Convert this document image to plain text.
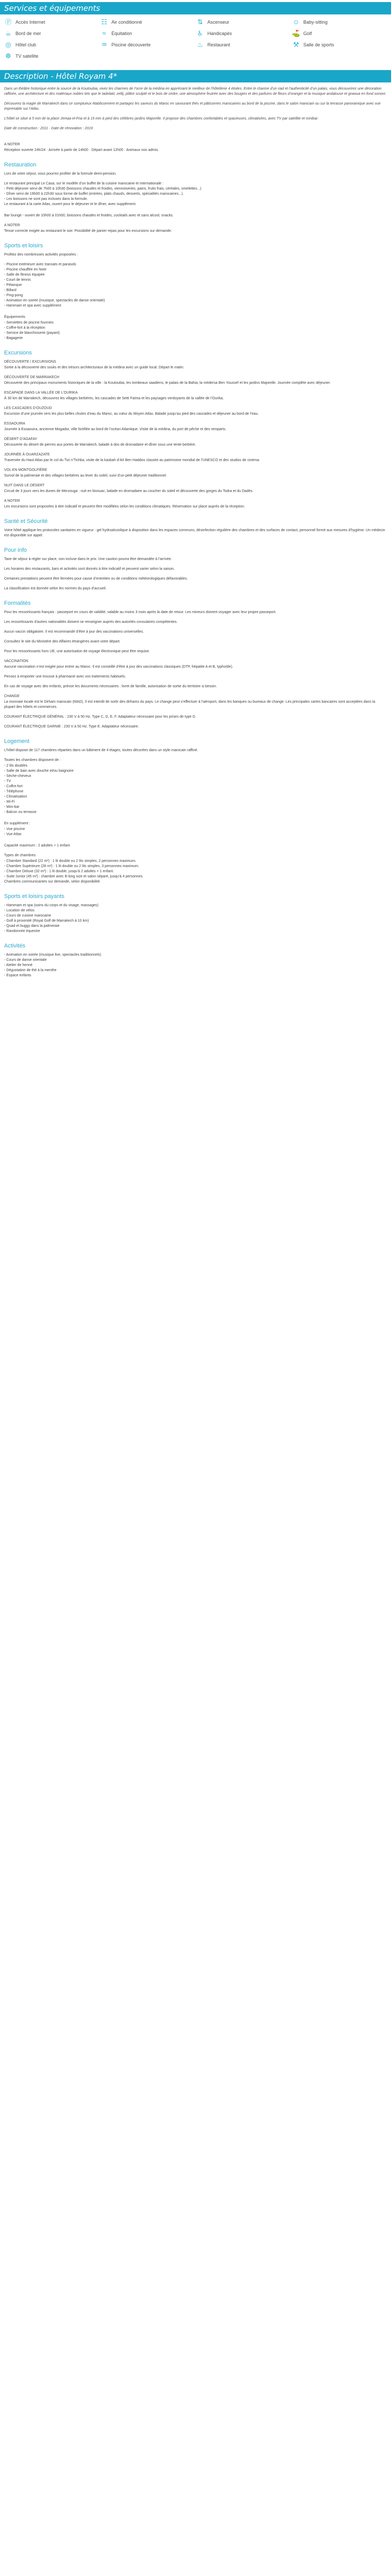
Services et équipements
Ⓟ Accès Internet	☷ Air conditionné	⇅ Ascenseur	☺ Baby-sitting
☕ Bord de mer	≈	Équitation	♿ Handicapés	⛳ Golf
◎ Hôtel club	♒ Piscine découverte	♨ Restaurant	⚒ Salle de sports
❆ TV satellite
Description - Hôtel Royam 4*

Dans un théâtre historique entre la source de la Koutoubia, vivez les charmes de l’ocre de la médina en appréciant le meilleur de l’hôtellerie 4 étoiles. Entre le charme d’un riad et l’authenticité d’un palais, vous découvrirez une décoration raffinée, une architecture et des matériaux nobles tels que le tadelakt, zellij, plâtre sculpté et le bois de cèdre, une atmosphère feutrée avec des bougies et des parfums de fleurs d’oranger et la musique andalouse et gnaoua en fond sonore.

Découvrez la magie de Marrakech dans ce somptueux établissement et partagez les saveurs du Maroc en savourant thés et pâtisseries marocaines au bord de la piscine, dans le salon marocain ou sur la terrasse panoramique avec vue imprenable sur l’Atlas.

L’hôtel se situe à 5 min de la place Jemaa el-Fna et à 15 min à pied des célèbres jardins Majorelle. Il propose des chambres confortables et spacieuses, climatisées, avec TV par satellite et minibar.

Date de construction : 2011 · Date de rénovation : 2019

A NOTER

Réception ouverte 24h/24 · Arrivée à partir de 14h00 · Départ avant 12h00 · Animaux non admis.

Restauration

Lors de votre séjour, vous pourrez profiter de la formule demi-pension.

Le restaurant principal Le Casa, sur le modèle d’un buffet de la cuisine marocaine et internationale :
- Petit déjeuner servi de 7h00 à 10h30 (boissons chaudes et froides, viennoiseries, pains, fruits frais, céréales, omelettes...)
- Dîner servi de 19h00 à 22h30 sous forme de buffet (entrées, plats chauds, desserts, spécialités marocaines...).
- Les boissons ne sont pas incluses dans la formule.
Le restaurant à la carte Atlas, ouvert pour le déjeuner et le dîner, avec supplément.

Bar lounge - ouvert de 10h00 à 01h00, boissons chaudes et froides, cocktails avec et sans alcool, snacks.

A NOTER

Tenue correcte exigée au restaurant le soir. Possibilité de panier repas pour les excursions sur demande.

Sports et loisirs

Profitez des nombreuses activités proposées :

- Piscine extérieure avec transats et parasols
- Piscine chauffée en hiver
- Salle de fitness équipée
- Court de tennis
- Pétanque
- Billard
- Ping-pong
- Animation en soirée (musique, spectacles de danse orientale)
- Hammam et spa avec supplément

Équipements

- Serviettes de piscine fournies
- Coffre-fort à la réception
- Service de blanchisserie (payant)
- Bagagerie
Excursions

DÉCOUVERTE / EXCURSIONS

Sortie à la découverte des souks et des trésors architecturaux de la médina avec un guide local. Départ le matin.

DÉCOUVERTE DE MARRAKECH

Découverte des principaux monuments historiques de la ville : la Koutoubia, les tombeaux saadiens, le palais de la Bahia, la médersa Ben Youssef et les jardins Majorelle. Journée complète avec déjeuner.

ESCAPADE DANS LA VALLÉE DE L’OURIKA

À 30 km de Marrakech, découvrez les villages berbères, les cascades de Setti Fatma et les paysages verdoyants de la vallée de l’Ourika.

LES CASCADES D’OUZOUD

Excursion d’une journée vers les plus belles chutes d’eau du Maroc, au cœur du Moyen Atlas. Balade jusqu’au pied des cascades et déjeuner au bord de l’eau.

ESSAOUIRA

Journée à Essaouira, ancienne Mogador, ville fortifiée au bord de l’océan Atlantique. Visite de la médina, du port de pêche et des remparts.

DÉSERT D’AGAFAY

Découverte du désert de pierres aux portes de Marrakech, balade à dos de dromadaire et dîner sous une tente berbère.

JOURNÉE À OUARZAZATE

Traversée du Haut Atlas par le col du Tizi n’Tichka, visite de la kasbah d’Aït Ben Haddou classée au patrimoine mondial de l’UNESCO et des studios de cinéma.

VOL EN MONTGOLFIÈRE

Survol de la palmeraie et des villages berbères au lever du soleil, suivi d’un petit déjeuner traditionnel.

NUIT DANS LE DÉSERT

Circuit de 3 jours vers les dunes de Merzouga : nuit en bivouac, balade en dromadaire au coucher du soleil et découverte des gorges du Todra et du Dadès.

A NOTER

Les excursions sont proposées à titre indicatif et peuvent être modifiées selon les conditions climatiques. Réservation sur place auprès de la réception.

Santé et Sécurité

Votre hôtel applique les protocoles sanitaires en vigueur : gel hydroalcoolique à disposition dans les espaces communs, désinfection régulière des chambres et des surfaces de contact, personnel formé aux mesures d’hygiène. Un médecin est disponible sur appel.

Pour info

Taxe de séjour à régler sur place, non incluse dans le prix. Une caution pourra être demandée à l’arrivée.

Les horaires des restaurants, bars et activités sont donnés à titre indicatif et peuvent varier selon la saison.

Certaines prestations peuvent être fermées pour cause d’entretien ou de conditions météorologiques défavorables.

La classification est donnée selon les normes du pays d’accueil.

Formalités

Pour les ressortissants français : passeport en cours de validité, valable au moins 3 mois après la date de retour. Les mineurs doivent voyager avec leur propre passeport.

Les ressortissants d’autres nationalités doivent se renseigner auprès des autorités consulaires compétentes.

Aucun vaccin obligatoire. Il est recommandé d’être à jour des vaccinations universelles.

Consultez le site du Ministère des Affaires étrangères avant votre départ.

Pour les ressortissants hors UE, une autorisation de voyage électronique peut être requise.

VACCINATION

Aucune vaccination n’est exigée pour entrer au Maroc. Il est conseillé d’être à jour des vaccinations classiques (DTP, hépatite A et B, typhoïde).

Pensez à emporter une trousse à pharmacie avec vos traitements habituels.

En cas de voyage avec des enfants, prévoir les documents nécessaires : livret de famille, autorisation de sortie du territoire si besoin.

CHANGE

La monnaie locale est le Dirham marocain (MAD). Il est interdit de sortir des dirhams du pays. Le change peut s’effectuer à l’aéroport, dans les banques ou bureaux de change. Les principales cartes bancaires sont acceptées dans la plupart des hôtels et commerces.

COURANT ÉLECTRIQUE GÉNÉRAL : 230 V à 50 Hz. Type C, D, E, F. Adaptateur nécessaire pour les prises de type D.

COURANT ÉLECTRIQUE GARNIE : 230 V à 50 Hz. Type E. Adaptateur nécessaire.

Logement

L’hôtel dispose de 117 chambres réparties dans un bâtiment de 4 étages, toutes décorées dans un style marocain raffiné.

Toutes les chambres disposent de :

- 2 lits doubles
- Salle de bain avec douche et/ou baignoire
- Sèche-cheveux
- TV
- Coffre-fort
- Téléphone
- Climatisation
- Wi-Fi
- Mini-bar
- Balcon ou terrasse

En supplément :

- Vue piscine
- Vue Atlas

Capacité maximum : 2 adultes + 1 enfant

Types de chambres

- Chambre Standard (22 m²) : 1 lit double ou 2 lits simples, 2 personnes maximum.
- Chambre Supérieure (28 m²) : 1 lit double ou 2 lits simples, 3 personnes maximum.
- Chambre Deluxe (32 m²) : 1 lit double, jusqu’à 2 adultes + 1 enfant.
- Suite Junior (45 m²) : chambre avec lit king size et salon séparé, jusqu’à 4 personnes.

Chambres communicantes sur demande, selon disponibilité.

Sports et loisirs payants
- Hammam et spa (soins du corps et du visage, massages)
- Location de vélos
- Cours de cuisine marocaine
- Golf à proximité (Royal Golf de Marrakech à 10 km)
- Quad et buggy dans la palmeraie
- Randonnée équestre
Activités
- Animation en soirée (musique live, spectacles traditionnels)
- Cours de danse orientale
- Atelier de henné
- Dégustation de thé à la menthe
- Espace enfants
